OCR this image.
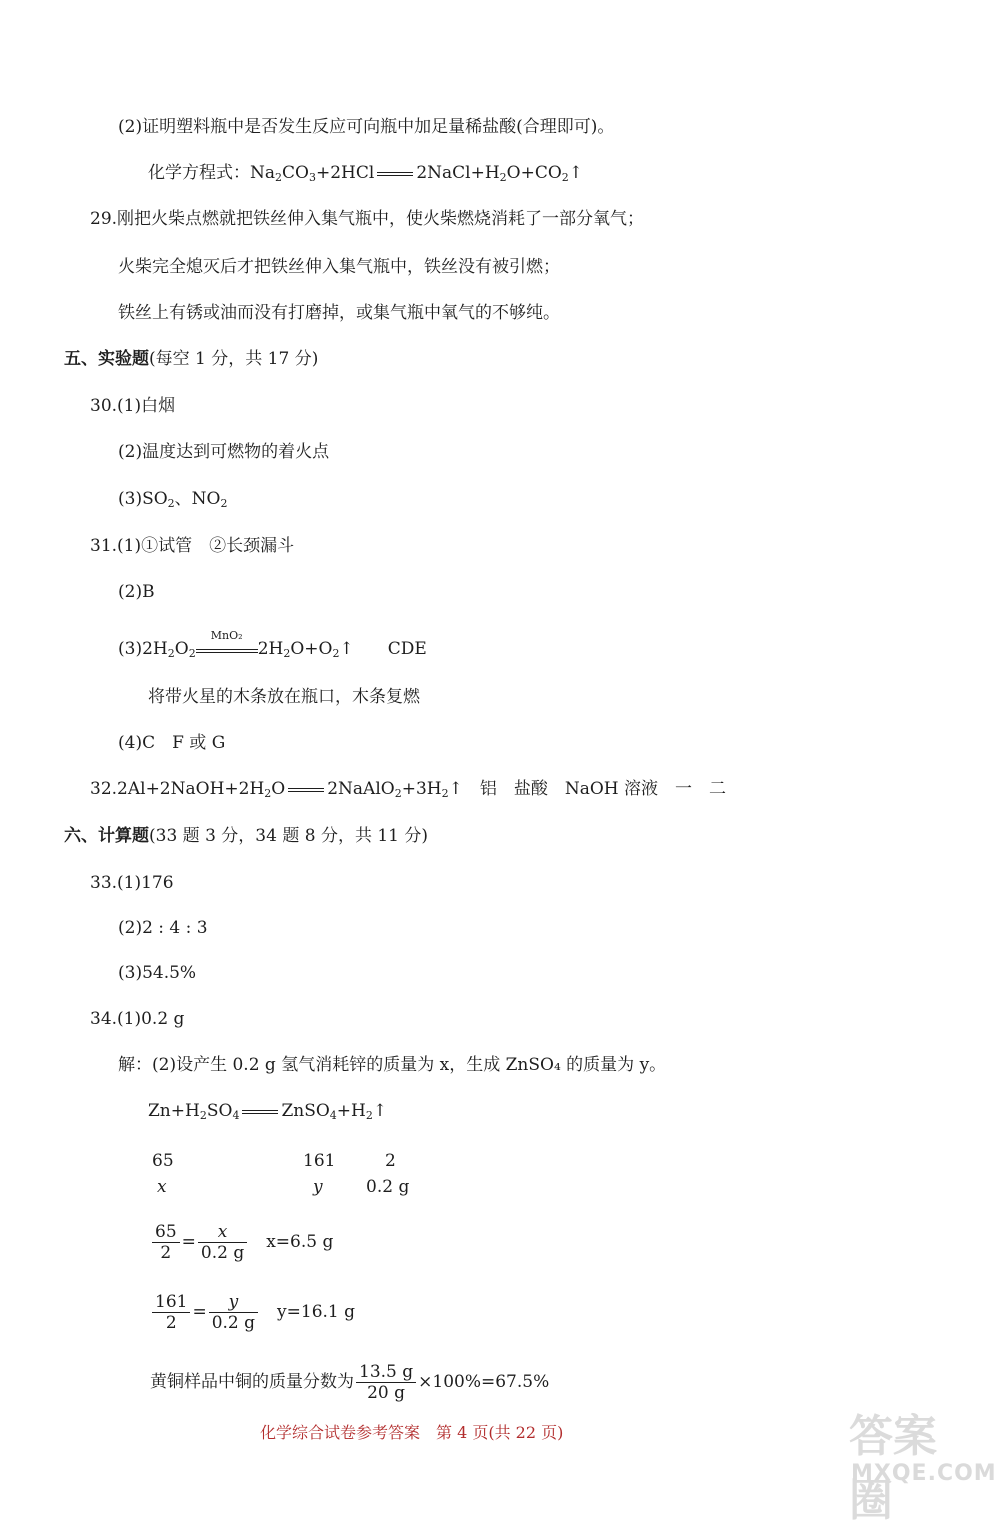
(2)证明塑料瓶中是否发生反应可向瓶中加足量稀盐酸(合理即可)。
化学方程式：$Na_2CO_3+2HCl$ $2NaCl+H_2O+CO_2↑$
29.刚把火柴点燃就把铁丝伸入集气瓶中，使火柴燃烧消耗了一部分氧气；
火柴完全熄灭后才把铁丝伸入集气瓶中，铁丝没有被引燃；
铁丝上有锈或油而没有打磨掉，或集气瓶中氧气的不够纯。
五、实验题(每空 1 分，共 17 分)
30.(1)白烟
(2)温度达到可燃物的着火点
$(3)SO_2$、$NO_2$
31.(1)①试管　②长颈漏斗
(2)B
$(3)2H_2O_2$
MnO₂
$2H_2O+O_2↑$　　CDE
将带火星的木条放在瓶口，木条复燃
(4)C　F 或 G
$32.2Al+2NaOH+2H_2O$ $2NaAlO_2+3H_2↑$　铝　盐酸　NaOH 溶液　一　二
六、计算题(33 题 3 分，34 题 8 分，共 11 分)
33.(1)176
(2)2 : 4 : 3
(3)54.5%
34.(1)0.2 g
解：(2)设产生 0.2 g 氢气消耗锌的质量为 x，生成 ZnSO₄ 的质量为 y。
$Zn+H_2SO_4$ $ZnSO_4+H_2↑$
65	161	2
x	y	0.2 g
$\frac{65}{2} = \frac{x}{0.2 g}$
　 x=6.5 g
$\frac{161}{2} = \frac{y}{0.2 g}$
　 y=16.1 g
黄铜样品中铜的质量分数为 $\frac{13.5 g}{20 g} \times 100\%=67.5\%$
化学综合试卷参考答案　第 4 页(共 22 页)	答案圈
MXQE.COM
